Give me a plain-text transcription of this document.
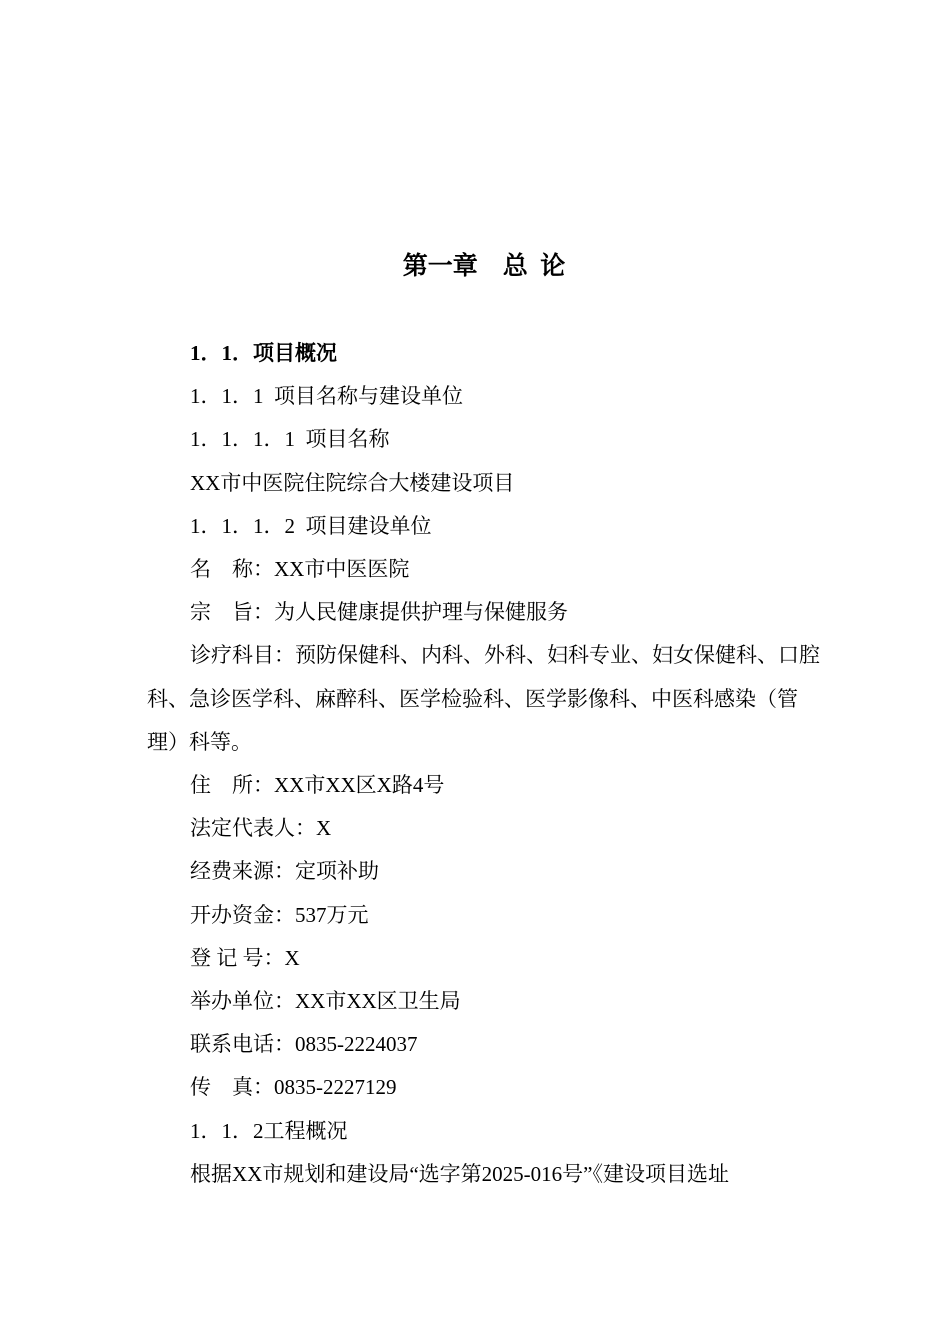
第一章    总  论

1．1．项目概况

1．1．1  项目名称与建设单位

1．1．1．1  项目名称

XX市中医院住院综合大楼建设项目

1．1．1．2  项目建设单位

名    称：XX市中医医院

宗    旨：为人民健康提供护理与保健服务

诊疗科目：预防保健科、内科、外科、妇科专业、妇女保健科、口腔科、急诊医学科、麻醉科、医学检验科、医学影像科、中医科感染（管理）科等。

住    所：XX市XX区X路4号

法定代表人：X

经费来源：定项补助

开办资金：537万元

登 记 号：X

举办单位：XX市XX区卫生局

联系电话：0835-2224037

传    真：0835-2227129

1．1．2工程概况

根据XX市规划和建设局“选字第2025-016号”《建设项目选址
